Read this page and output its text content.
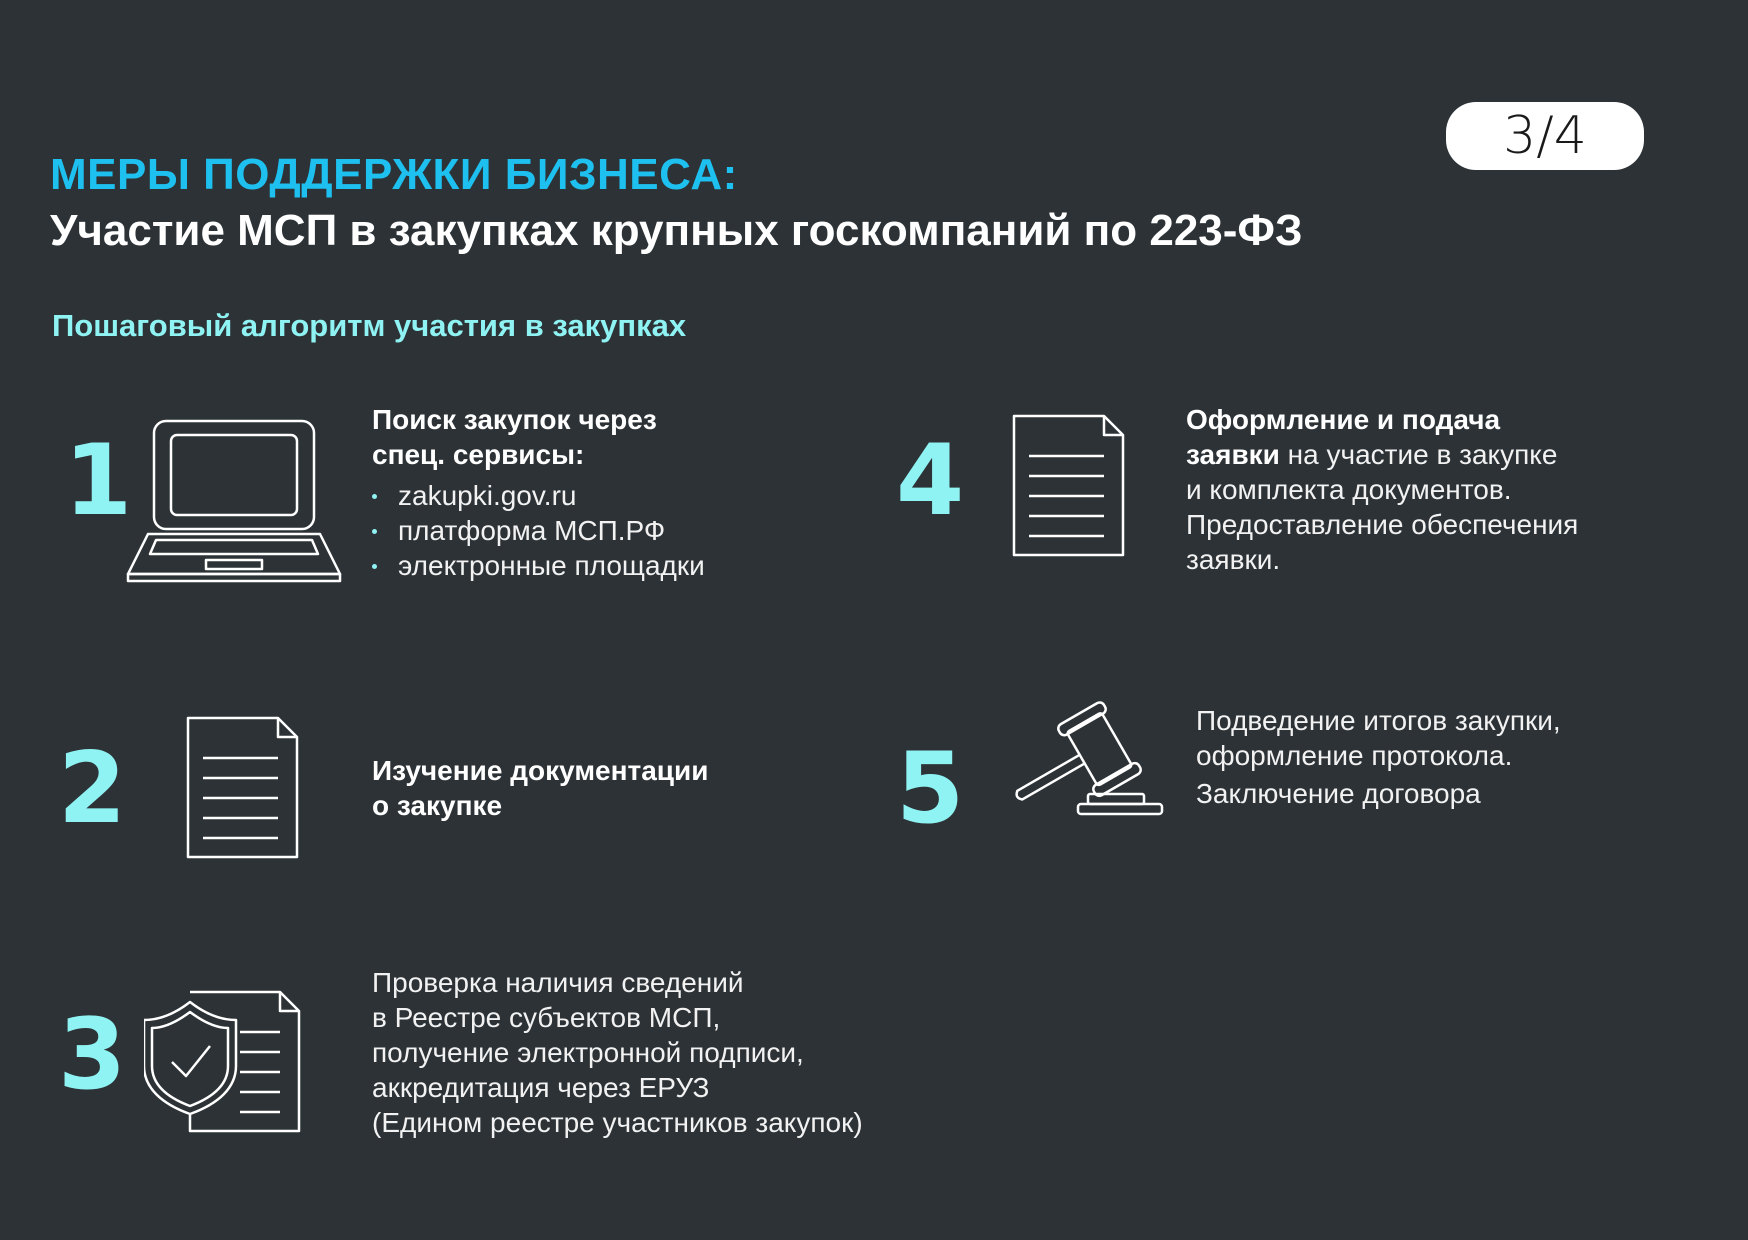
3/4
МЕРЫ ПОДДЕРЖКИ БИЗНЕСА:
Участие МСП в закупках крупных госкомпаний по 223-ФЗ
Пошаговый алгоритм участия в закупках
1
Поиск закупок через
спец. сервисы:
zakupki.gov.ru
платформа МСП.РФ
электронные площадки
2	Изучение документации
о закупке
3
Проверка наличия сведений
в Реестре субъектов МСП,
получение электронной подписи,
аккредитация через ЕРУЗ
(Едином реестре участников закупок)
4
Оформление и подача
заявки на участие в закупке
и комплекта документов.
Предоставление обеспечения
заявки.
5
Подведение итогов закупки,
оформление протокола.
Заключение договора
